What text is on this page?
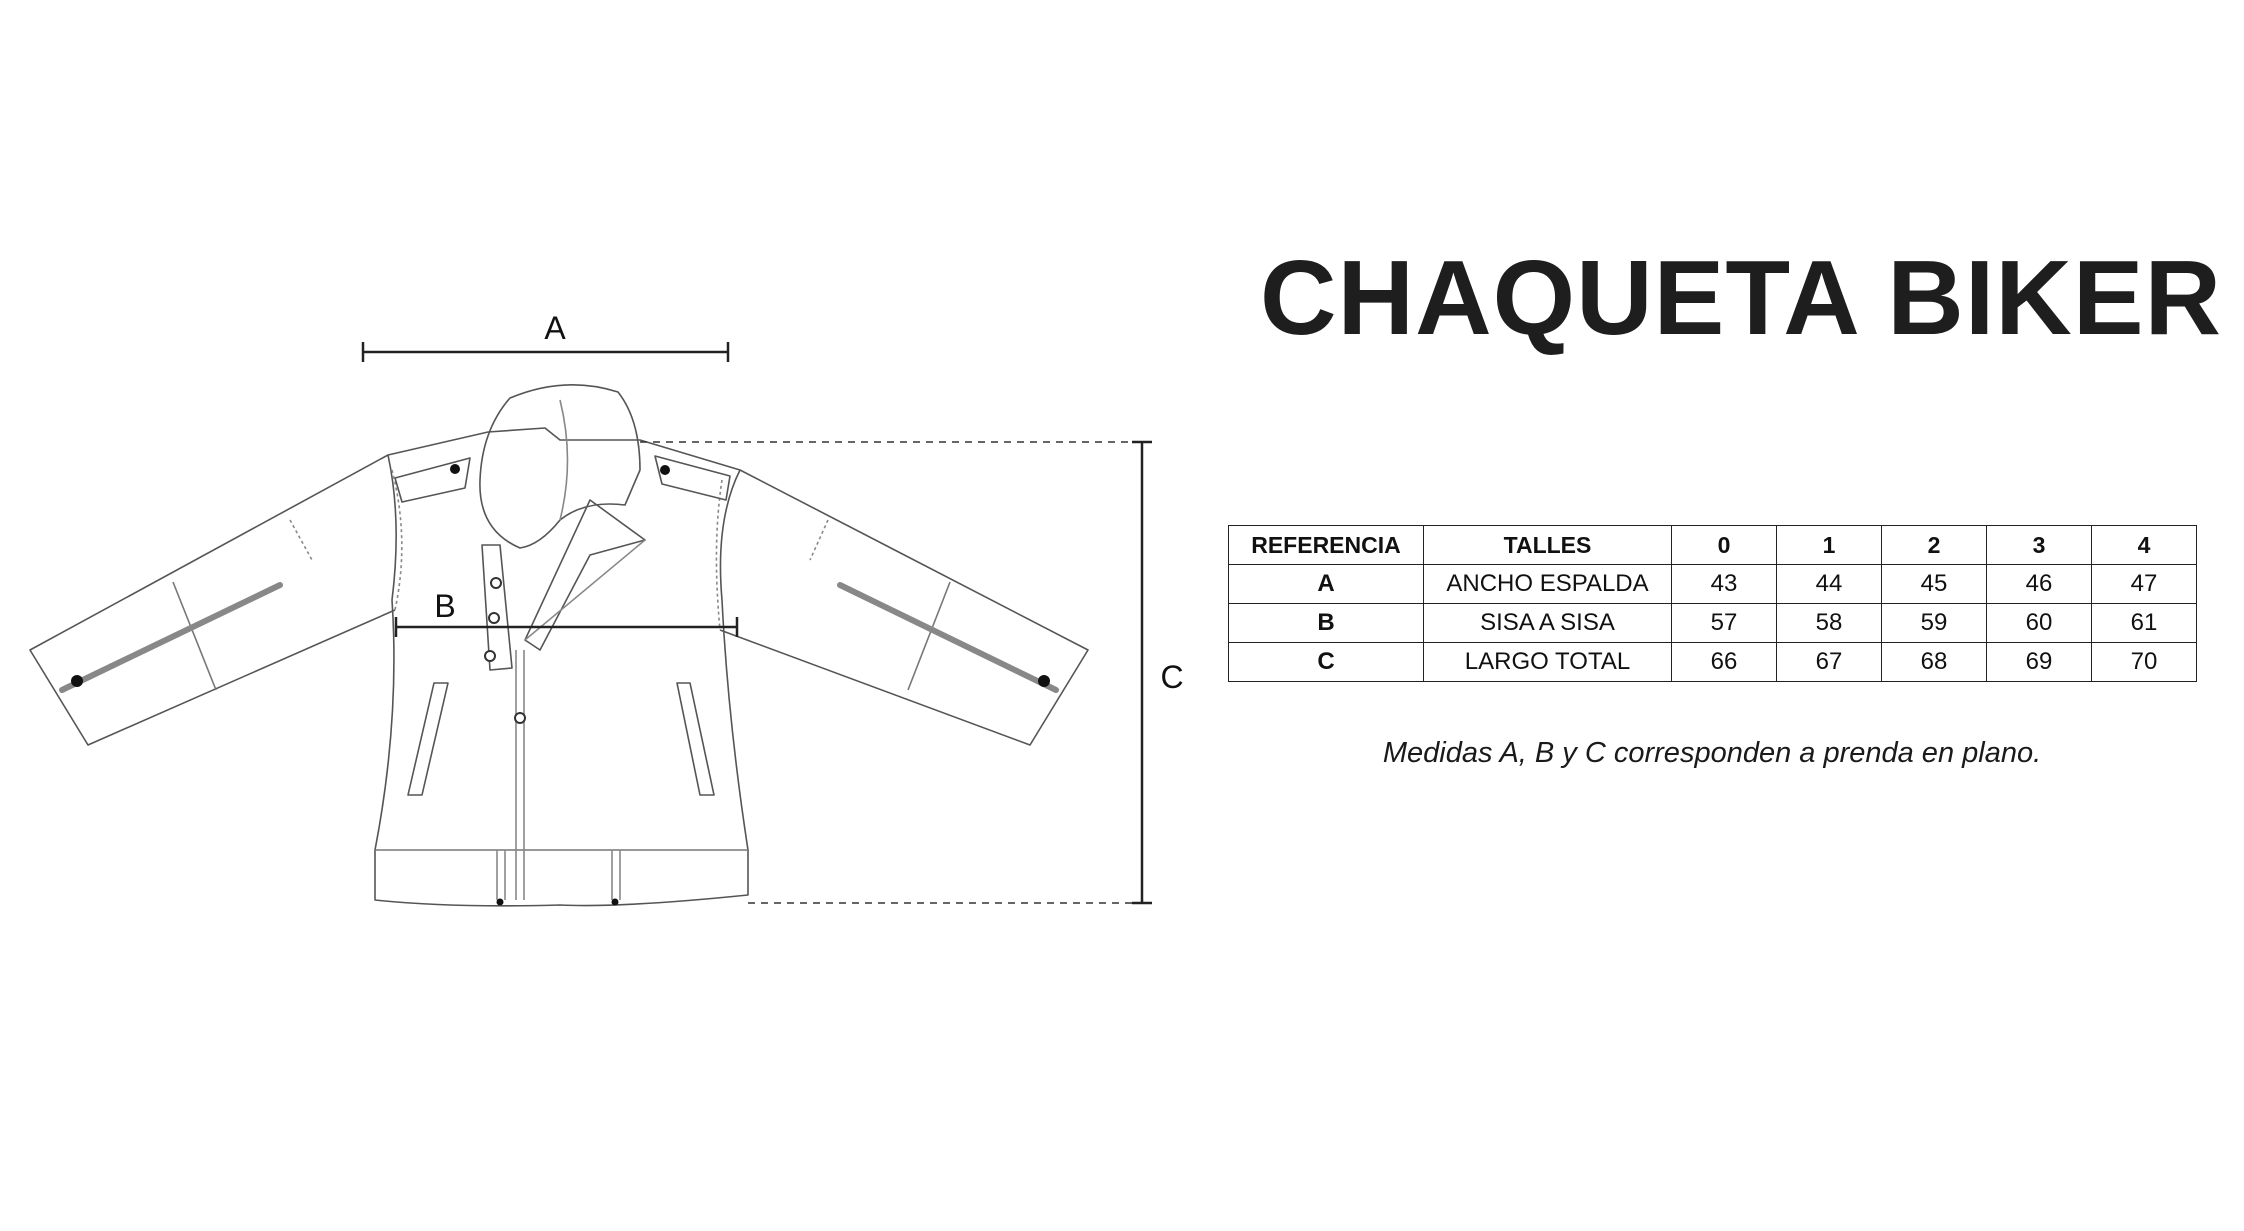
A
B
C
CHAQUETA BIKER
REFERENCIA	TALLES	0	1	2	3	4
A	ANCHO ESPALDA	43	44	45	46	47
B	SISA A SISA	57	58	59	60	61
C	LARGO TOTAL	66	67	68	69	70
Medidas A, B y C corresponden a prenda en plano.
